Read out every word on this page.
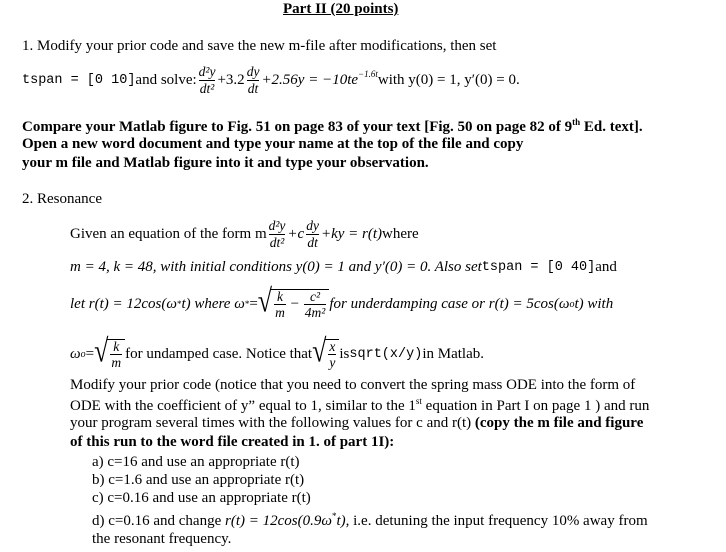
Part II (20 points)
1. Modify your prior code and save the new m-file after modifications, then set
tspan = [0 10] and solve: $\frac{\text{d²y}}{\text{dt²}} +3.2 \frac{dy}{dt} +2.56y = -10te -1.6t$ with y(0) = 1, y′(0) = 0.
Compare your Matlab figure to Fig. 51 on page 83 of your text [Fig. 50 on page 82 of 9th Ed. text].
Open a new word document and type your name at the top of the file and copy
your m file and Matlab figure into it and type your observation.
2. Resonance
Given an equation of the form m $\frac{\text{d²y}}{\text{dt²}} +c \frac{dy}{dt} +ky = r(t)$ where
m = 4, k = 48, with initial conditions y(0) = 1 and y′(0) = 0. Also set tspan = [0 40] and
let r(t) = 12cos(ω * t) where ω * = √ $\frac{k}{m} - \frac{\text{c²}}{\text{4m²}}$ for underdamping case or r(t) = 5cos(ω o t) with
ω o = √ $\frac{k}{m}$ for undamped case. Notice that √ $\frac{x}{y}$ is sqrt(x/y) in Matlab.
Modify your prior code (notice that you need to convert the spring mass ODE into the form of
ODE with the coefficient of y” equal to 1, similar to the 1st equation in Part I on page 1 ) and run
your program several times with the following values for c and r(t) (copy the m file and figure
of this run to the word file created in 1. of part 1I):
a) c=16 and use an appropriate r(t)
b) c=1.6 and use an appropriate r(t)
c) c=0.16 and use an appropriate r(t)
d) c=0.16 and change r(t) = 12cos(0.9ω*t), i.e. detuning the input frequency 10% away from
the resonant frequency.
